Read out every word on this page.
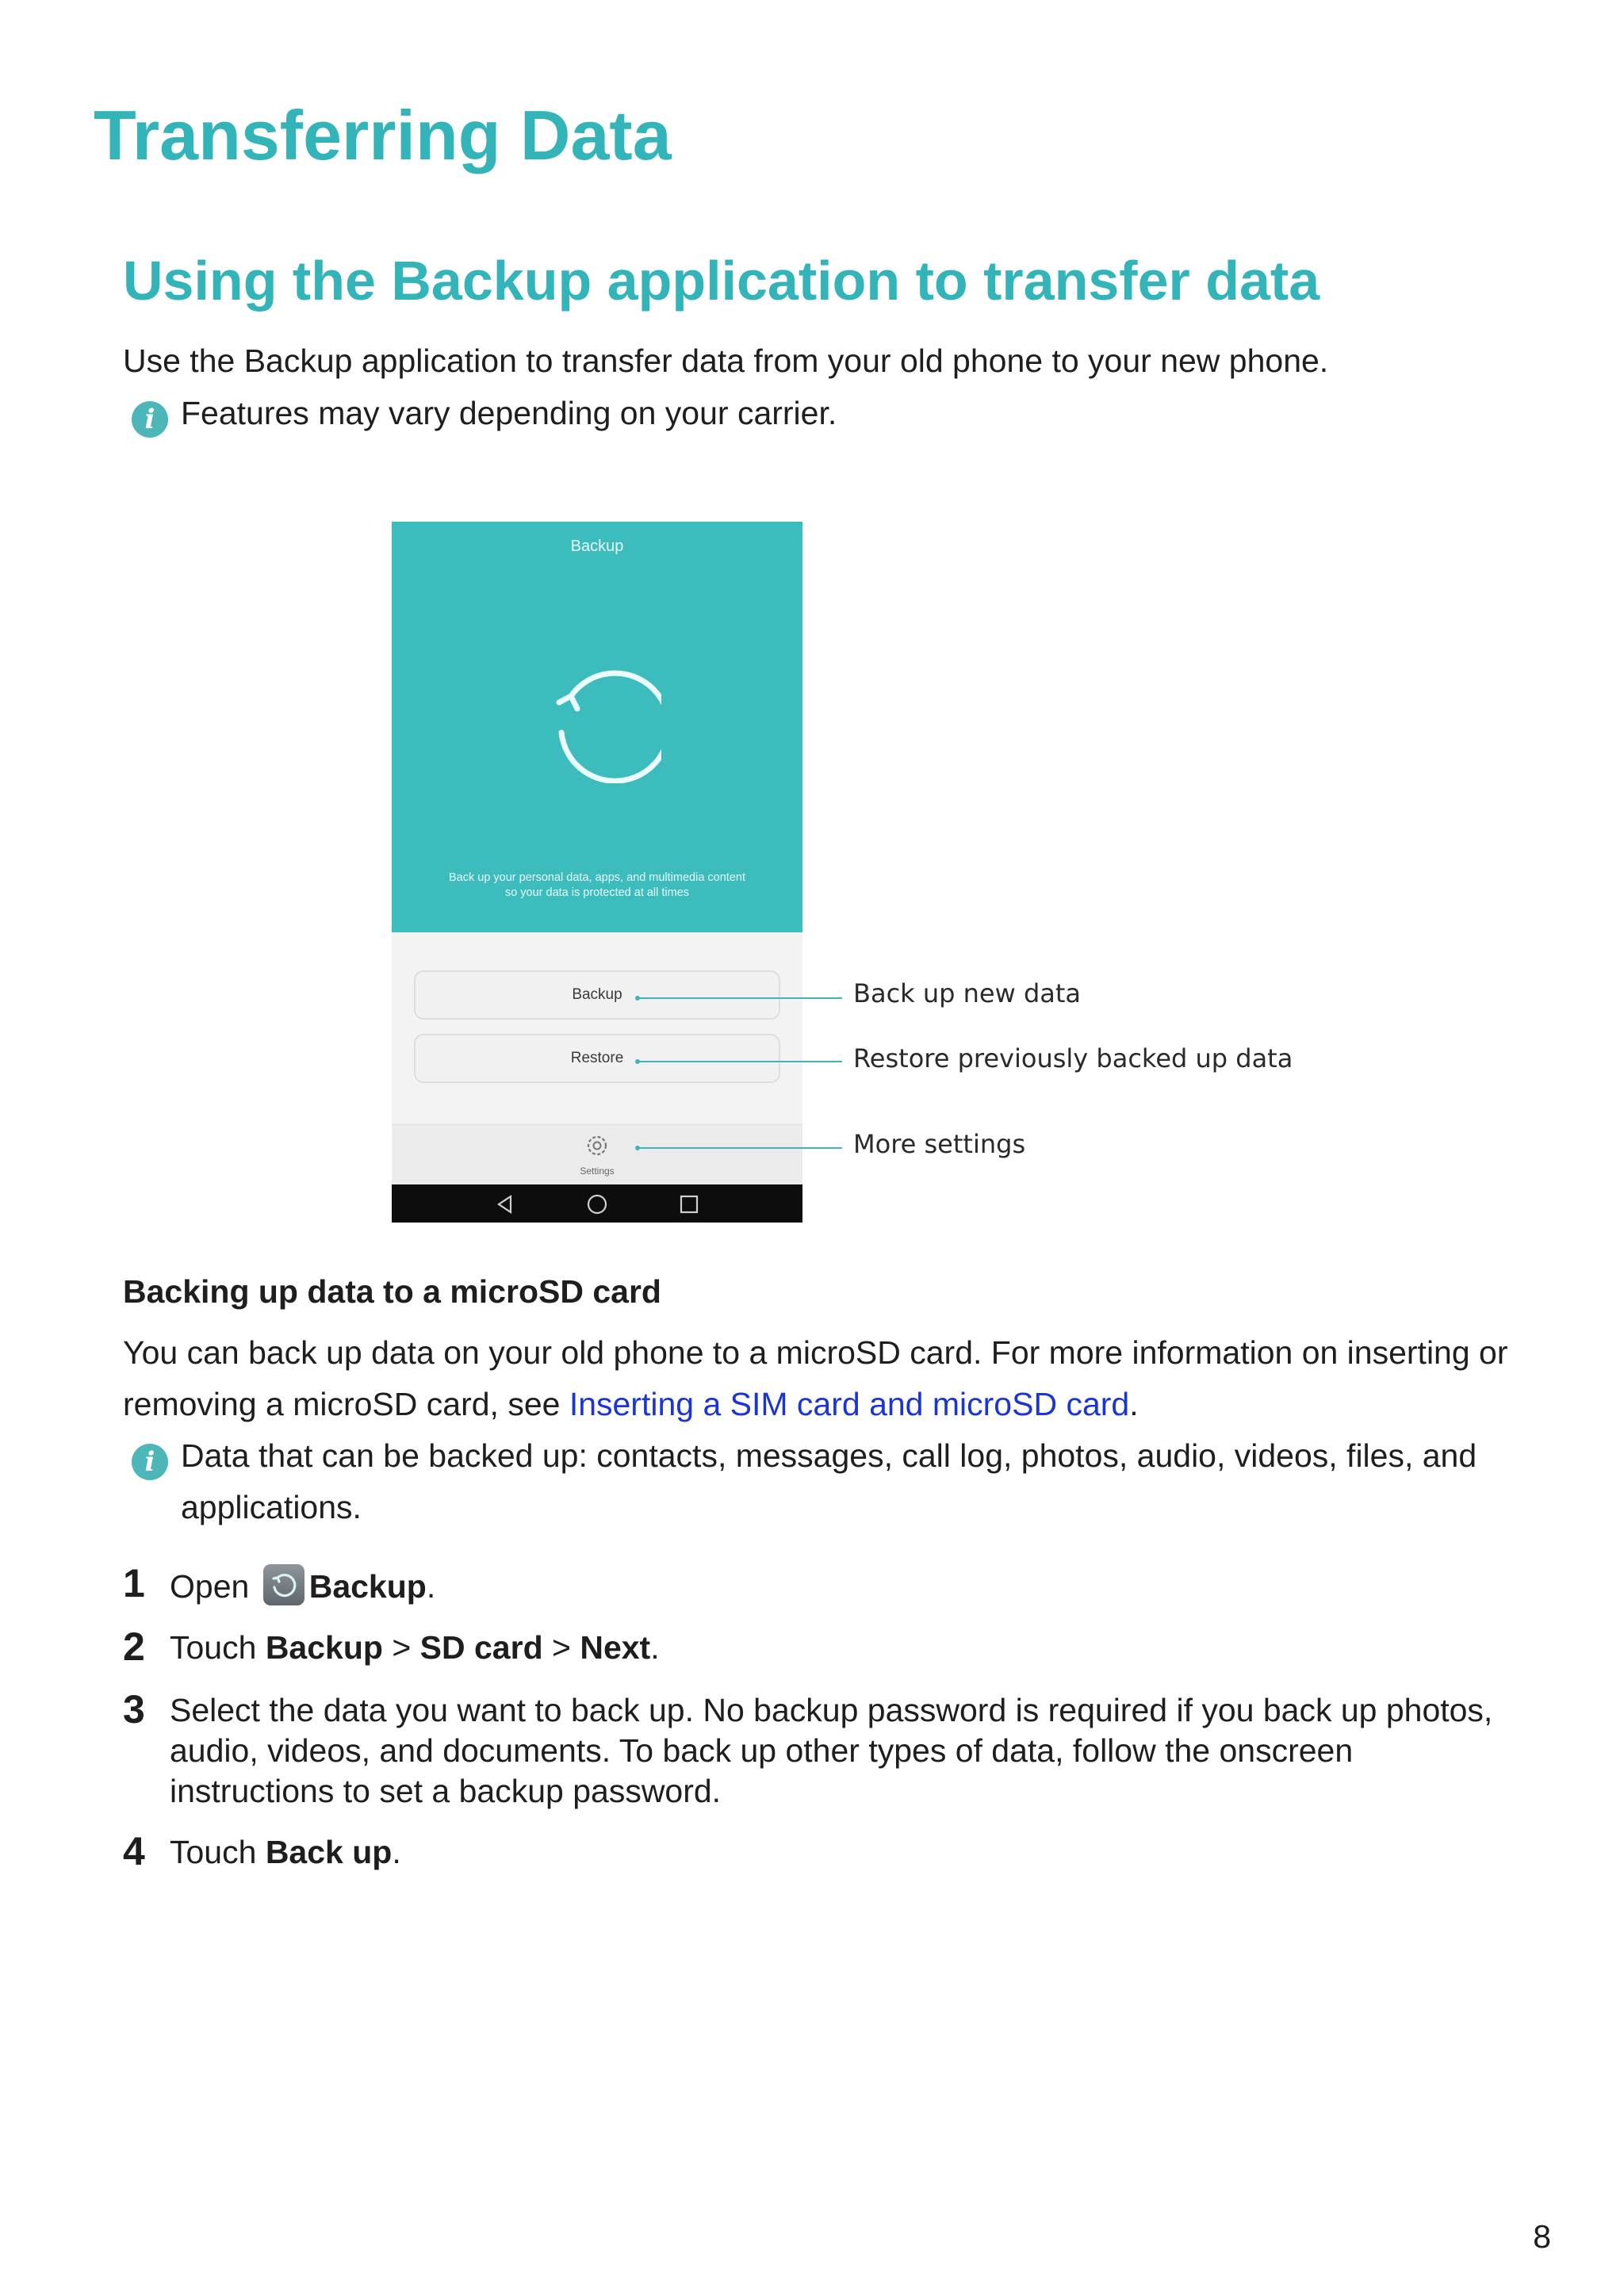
Transferring Data
Using the Backup application to transfer data

Use the Backup application to transfer data from your old phone to your new phone.

i Features may vary depending on your carrier.

Backup
Back up your personal data, apps, and multimedia content
so your data is protected at all times
Backup
Restore
Settings
Back up new data
Restore previously backed up data
More settings
Backing up data to a microSD card

You can back up data on your old phone to a microSD card. For more information on inserting or

removing a microSD card, see Inserting a SIM card and microSD card.

i Data that can be backed up: contacts, messages, call log, photos, audio, videos, files, and

applications.

1 Open Backup.
2 Touch Backup > SD card > Next.
3 Select the data you want to back up. No backup password is required if you back up photos,
audio, videos, and documents. To back up other types of data, follow the onscreen
instructions to set a backup password.
4 Touch Back up.
8
